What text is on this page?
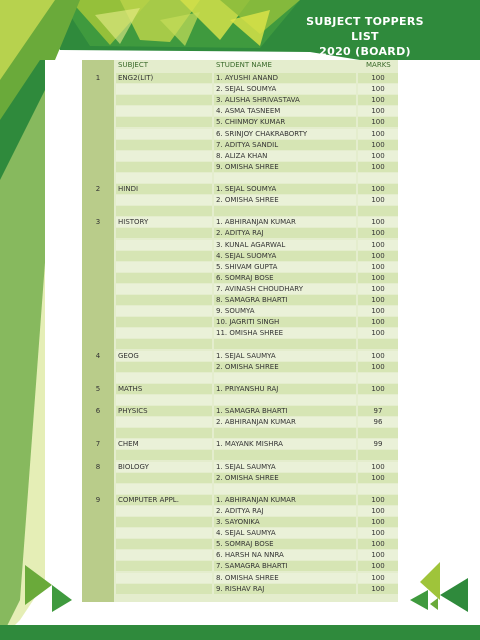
SUBJECT TOPPERS LIST
2020 (BOARD)
SUBJECT	STUDENT NAME	MARKS
1	ENG2(LIT)	1. AYUSHI ANAND	100
2. SEJAL SOUMYA	100
3. ALISHA SHRIVASTAVA	100
4. ASMA TASNEEM	100
5. CHINMOY KUMAR	100
6. SRINJOY CHAKRABORTY	100
7. ADITYA SANDIL	100
8. ALIZA KHAN	100
9. OMISHA SHREE	100
2	HINDI	1. SEJAL SOUMYA	100
2. OMISHA SHREE	100
3	HISTORY	1. ABHIRANJAN KUMAR	100
2. ADITYA RAJ	100
3. KUNAL AGARWAL	100
4. SEJAL SUOMYA	100
5. SHIVAM GUPTA	100
6. SOMRAJ BOSE	100
7. AVINASH CHOUDHARY	100
8. SAMAGRA BHARTI	100
9. SOUMYA	100
10. JAGRITI SINGH	100
11. OMISHA SHREE	100
4	GEOG	1. SEJAL SAUMYA	100
2. OMISHA SHREE	100
5	MATHS	1. PRIYANSHU RAJ	100
6	PHYSICS	1. SAMAGRA BHARTI	97
2. ABHIRANJAN KUMAR	96
7	CHEM	1. MAYANK MISHRA	99
8	BIOLOGY	1. SEJAL SAUMYA	100
2. OMISHA SHREE	100
9	COMPUTER APPL.	1. ABHIRANJAN KUMAR	100
2. ADITYA RAJ	100
3. SAYONIKA	100
4. SEJAL SAUMYA	100
5. SOMRAJ BOSE	100
6. HARSH NA NNRA	100
7. SAMAGRA BHARTI	100
8. OMISHA SHREE	100
9. RISHAV RAJ	100
